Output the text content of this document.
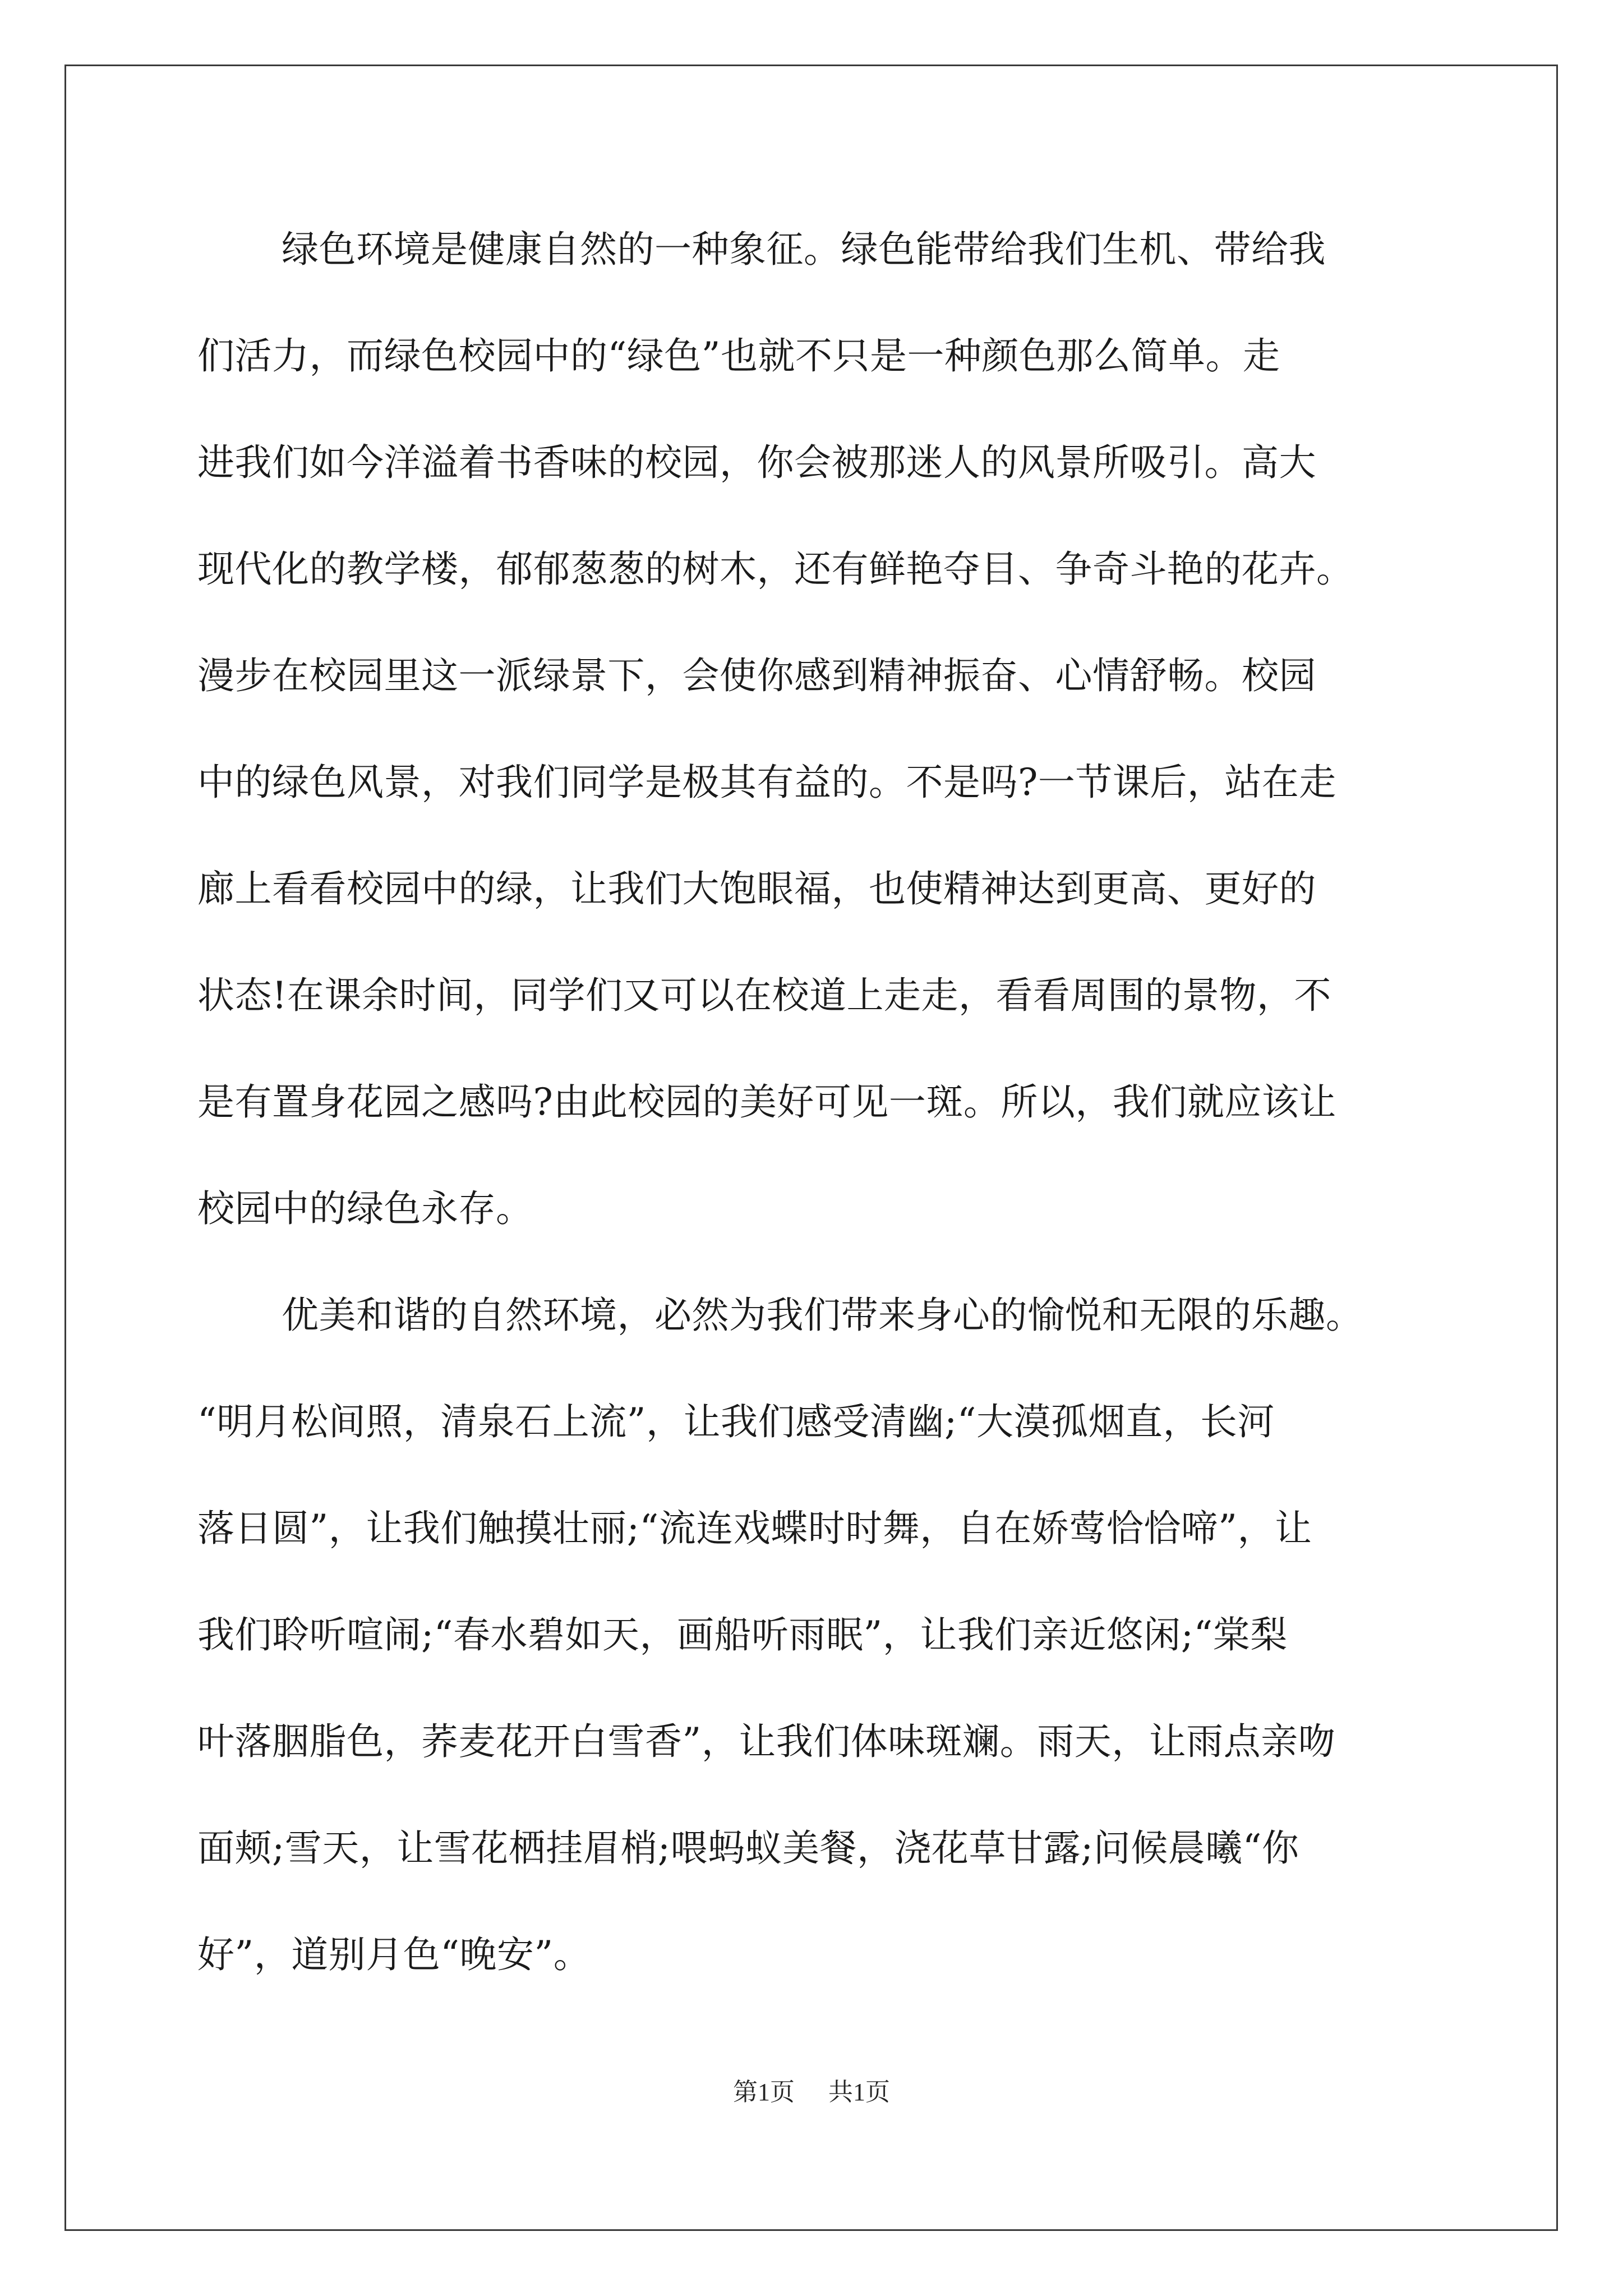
绿色环境是健康自然的一种象征。绿色能带给我们生机、带给我
们活力，而绿色校园中的“绿色”也就不只是一种颜色那么简单。走
进我们如今洋溢着书香味的校园，你会被那迷人的风景所吸引。高大
现代化的教学楼，郁郁葱葱的树木，还有鲜艳夺目、争奇斗艳的花卉。
漫步在校园里这一派绿景下，会使你感到精神振奋、心情舒畅。校园
中的绿色风景，对我们同学是极其有益的。不是吗?一节课后，站在走
廊上看看校园中的绿，让我们大饱眼福，也使精神达到更高、更好的
状态!在课余时间，同学们又可以在校道上走走，看看周围的景物，不
是有置身花园之感吗?由此校园的美好可见一斑。所以，我们就应该让
校园中的绿色永存。
优美和谐的自然环境，必然为我们带来身心的愉悦和无限的乐趣。
“明月松间照，清泉石上流”，让我们感受清幽;“大漠孤烟直，长河
落日圆”，让我们触摸壮丽;“流连戏蝶时时舞，自在娇莺恰恰啼”，让
我们聆听喧闹;“春水碧如天，画船听雨眠”，让我们亲近悠闲;“棠梨
叶落胭脂色，荞麦花开白雪香”，让我们体味斑斓。雨天，让雨点亲吻
面颊;雪天，让雪花栖挂眉梢;喂蚂蚁美餐，浇花草甘露;问候晨曦“你
好”，道别月色“晚安”。
第1页 共1页
